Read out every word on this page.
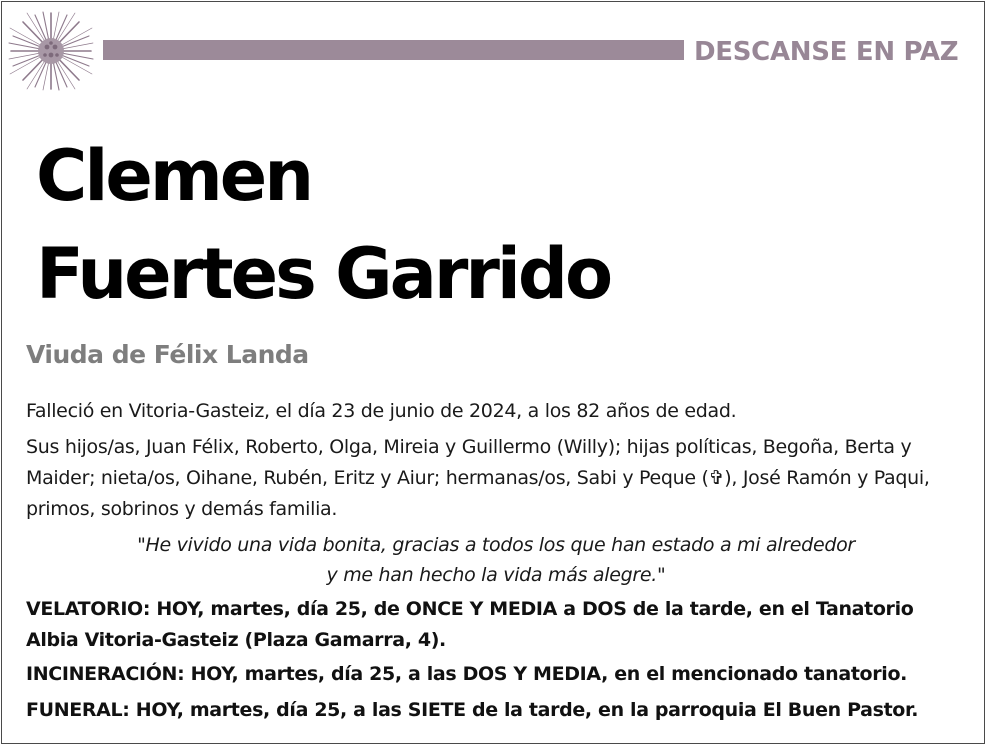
DESCANSE EN PAZ
Clemen
Fuertes Garrido
Viuda de Félix Landa

Falleció en Vitoria-Gasteiz, el día 23 de junio de 2024, a los 82 años de edad.

Sus hijos/as, Juan Félix, Roberto, Olga, Mireia y Guillermo (Willy); hijas políticas, Begoña, Berta y Maider; nieta/os, Oihane, Rubén, Eritz y Aiur; hermanas/os, Sabi y Peque (✞), José Ramón y Paqui, primos, sobrinos y demás familia.

"He vivido una vida bonita, gracias a todos los que han estado a mi alrededor
y me han hecho la vida más alegre."

VELATORIO: HOY, martes, día 25, de ONCE Y MEDIA a DOS de la tarde, en el Tanatorio Albia Vitoria-Gasteiz (Plaza Gamarra, 4).

INCINERACIÓN: HOY, martes, día 25, a las DOS Y MEDIA, en el mencionado tanatorio.

FUNERAL: HOY, martes, día 25, a las SIETE de la tarde, en la parroquia El Buen Pastor.
